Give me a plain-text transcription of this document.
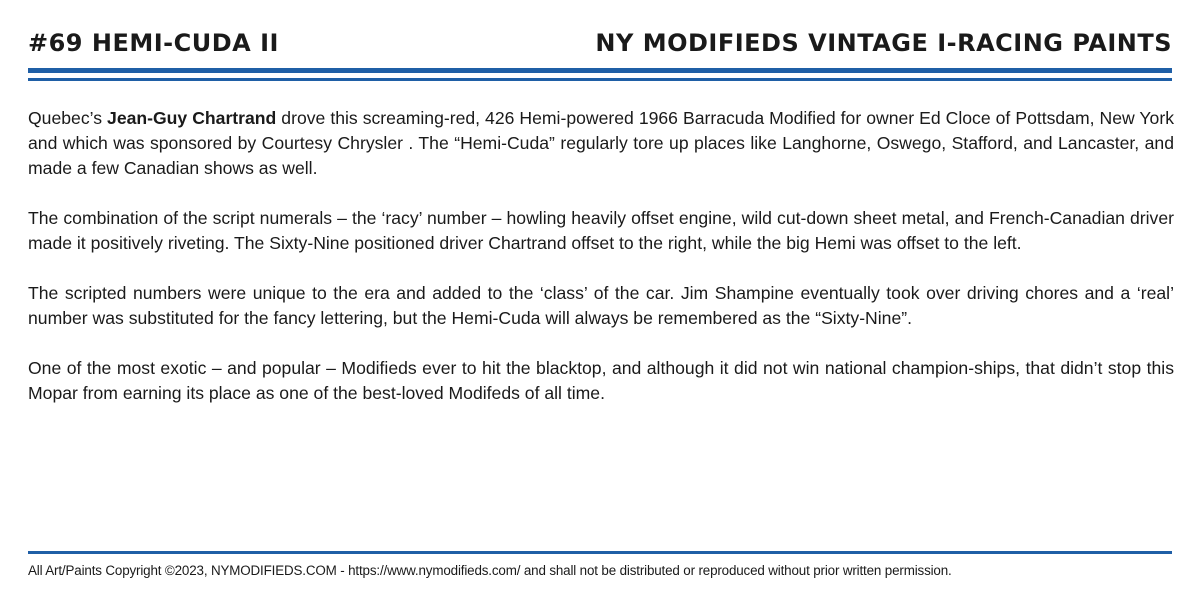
#69 HEMI-CUDA II	NY MODIFIEDS VINTAGE I-RACING PAINTS

Quebec’s Jean-Guy Chartrand drove this screaming-red, 426 Hemi-powered 1966 Barracuda Modified for owner Ed Cloce of Pottsdam, New York and which was sponsored by Courtesy Chrysler . The “Hemi-Cuda” regularly tore up places like Langhorne, Oswego, Stafford, and Lancaster, and made a few Canadian shows as well.

The combination of the script numerals – the ‘racy’ number – howling heavily offset engine, wild cut-down sheet metal, and French-Canadian driver made it positively riveting. The Sixty-Nine positioned driver Chartrand offset to the right, while the big Hemi was offset to the left.

The scripted numbers were unique to the era and added to the ‘class’ of the car. Jim Shampine eventually took over driving chores and a ‘real’ number was substituted for the fancy lettering, but the Hemi-Cuda will always be remembered as the “Sixty-Nine”.

One of the most exotic – and popular – Modifieds ever to hit the blacktop, and although it did not win national champion-ships, that didn’t stop this Mopar from earning its place as one of the best-loved Modifeds of all time.

All Art/Paints Copyright ©2023, NYMODIFIEDS.COM - https://www.nymodifieds.com/ and shall not be distributed or reproduced without prior written permission.
